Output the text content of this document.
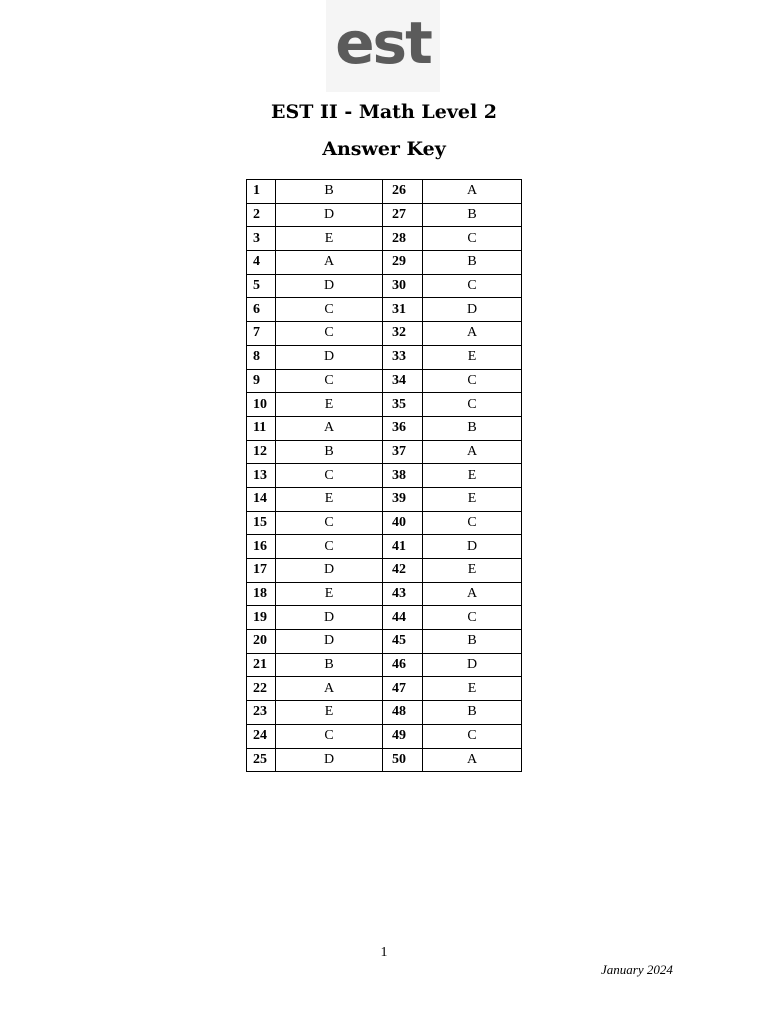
est
EST II - Math Level 2
Answer Key
1	B	26	A
2	D	27	B
3	E	28	C
4	A	29	B
5	D	30	C
6	C	31	D
7	C	32	A
8	D	33	E
9	C	34	C
10	E	35	C
11	A	36	B
12	B	37	A
13	C	38	E
14	E	39	E
15	C	40	C
16	C	41	D
17	D	42	E
18	E	43	A
19	D	44	C
20	D	45	B
21	B	46	D
22	A	47	E
23	E	48	B
24	C	49	C
25	D	50	A
1
January 2024
